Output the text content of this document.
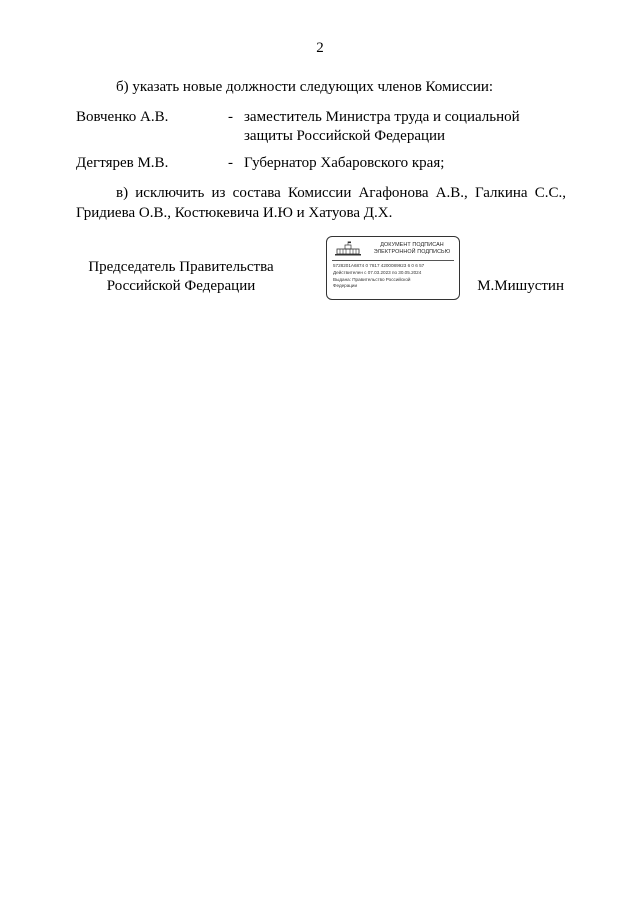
2
б) указать новые должности следующих членов Комиссии:
Вовченко А.В.	- заместитель Министра труда и социальной
защиты Российской Федерации
Дегтярев М.В.	- Губернатор Хабаровского края;
в) исключить из состава Комиссии Агафонова А.В., Галкина С.С.,
Гридиева О.В., Костюкевича И.Ю и Хатуова Д.Х.
Председатель Правительства
Российской Федерации
ДОКУМЕНТ ПОДПИСАН
ЭЛЕКТРОННОЙ ПОДПИСЬЮ
5728201A6874 0 7817 4200089923 6 0 6 57
Действителен с 07.03.2023 по 30.05.2024
Выдана: Правительство Российской
Федерации	М.Мишустин
